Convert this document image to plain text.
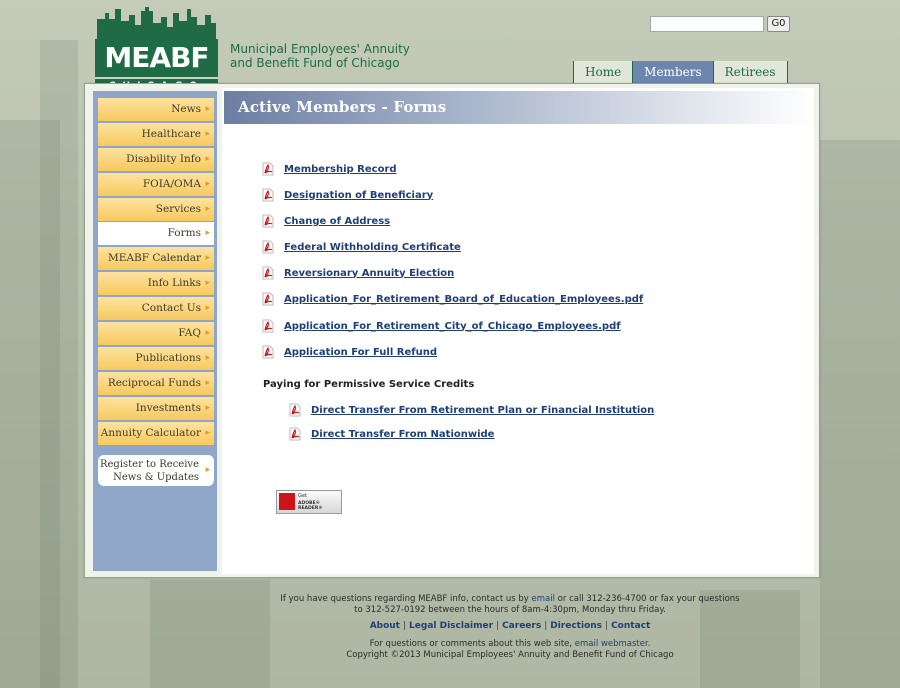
MEABF	Municipal Employees' Annuity
and Benefit Fund of Chicago
G0
Home	Members	Retirees
News ▸
Healthcare ▸
Disability Info ▸
FOIA/OMA ▸
Services ▸
Forms ▸
MEABF Calendar ▸
Info Links ▸
Contact Us ▸
FAQ ▸
Publications ▸
Reciprocal Funds ▸
Investments ▸
Annuity Calculator ▸
Register to Receive
News & Updates
▸
Active Members - Forms
Membership Record
Designation of Beneficiary
Change of Address
Federal Withholding Certificate
Reversionary Annuity Election
Application_For_Retirement_Board_of_Education_Employees.pdf
Application_For_Retirement_City_of_Chicago_Employees.pdf
Application For Full Refund
Paying for Permissive Service Credits
Direct Transfer From Retirement Plan or Financial Institution
Direct Transfer From Nationwide
Get
ADOBE® READER®
If you have questions regarding MEABF info, contact us by email or call 312-236-4700 or fax your questions
to 312-527-0192 between the hours of 8am-4:30pm, Monday thru Friday.
About | Legal Disclaimer | Careers | Directions | Contact
For questions or comments about this web site, email webmaster.
Copyright ©2013 Municipal Employees' Annuity and Benefit Fund of Chicago
